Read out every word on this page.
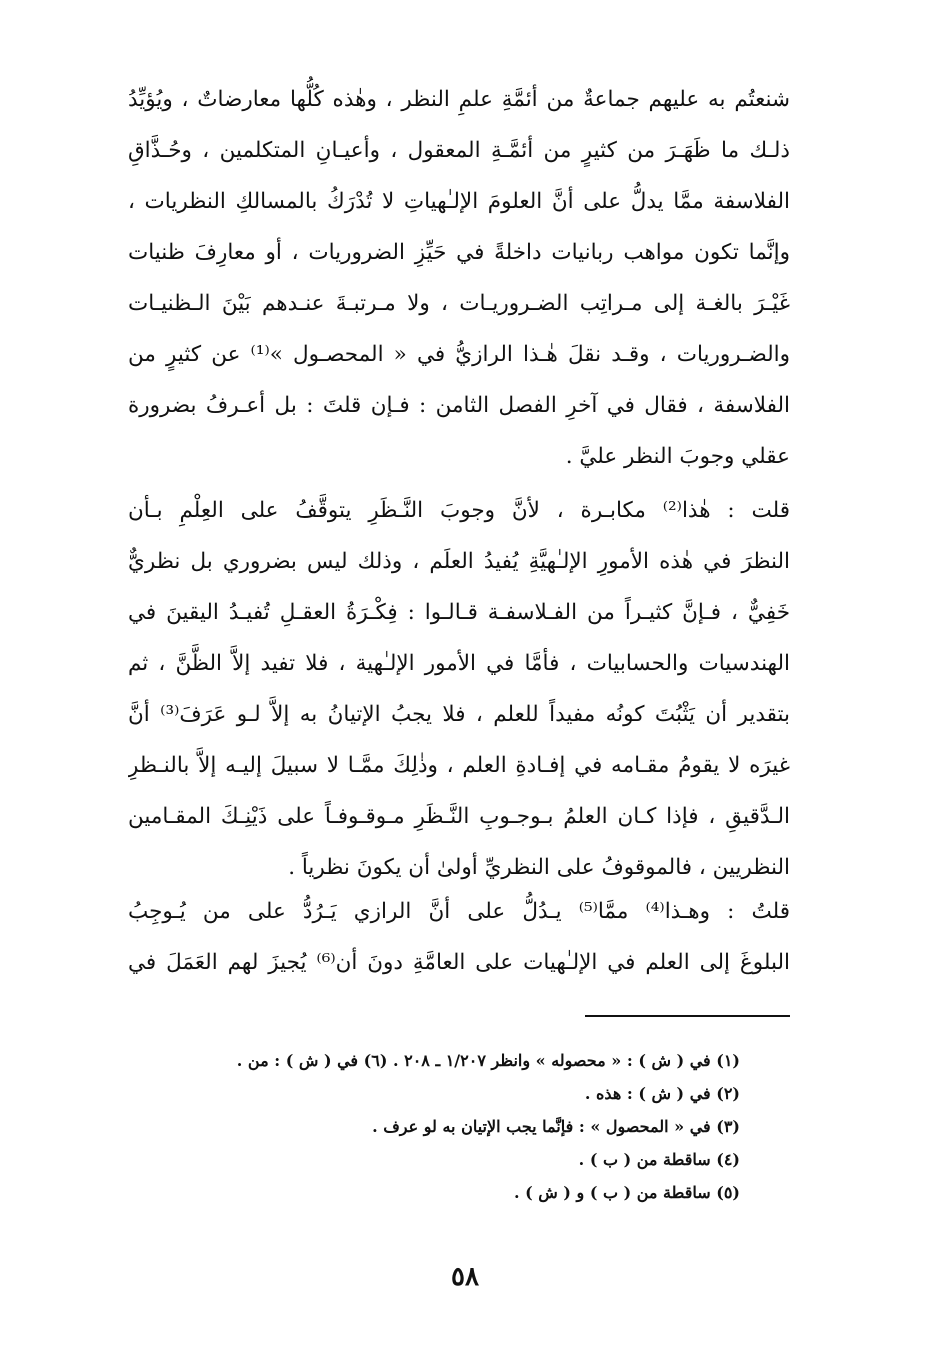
شنعتُم به عليهم جماعةٌ من أئمَّةِ علمِ النظر ، وهٰذه كُلُّها معارضاتٌ ، ويُؤيِّدُ
ذلـك ما ظَهَـرَ من كثيرٍ من أئمَّـةِ المعقول ، وأعيـانِ المتكلمين ، وحُـذَّاقِ
الفلاسفة ممَّا يدلُّ على أنَّ العلومَ الإلـٰهياتِ لا تُدْرَكُ بالمسالكِ النظريات ،
وإنَّما تكون مواهب ربانيات داخلةً في حَيِّزِ الضروريات ، أو معارِفَ ظنيات
غَيْـرَ بالغـة إلى مـراتِب الضـروريـات ، ولا مـرتبـةَ عنـدهم بَيْنَ الـظنيـات
والضـروريات ، وقـد نقلَ هٰـذا الرازيُّ في « المحصـول »⁽¹⁾ عن كثيرٍ من
الفلاسفة ، فقال في آخرِ الفصل الثامن : فـإن قلتَ : بل أعـرفُ بضرورة
عقلي وجوبَ النظر عليَّ .
قلت : هٰذا⁽²⁾ مكابـرة ، لأنَّ وجوبَ النَّـظَرِ يتوقَّفُ على العِلْمِ بـأن
النظرَ في هٰذه الأمورِ الإلـٰهيَّةِ يُفيدُ العلَم ، وذلك ليس بضروري بل نظريٌّ
خَفِيٌّ ، فـإنَّ كثيـراً من الفـلاسفـة قـالـوا : فِكْـرَةُ العقـلِ تُفيـدُ اليقينَ في
الهندسيات والحسابيات ، فأمَّا في الأمور الإلـٰهية ، فلا تفيد إلاَّ الظَّنَّ ، ثم
بتقدير أن يَثْبُتَ كونُه مفيداً للعلم ، فلا يجبُ الإتيانُ به إلاَّ لـو عَرَفَ⁽³⁾ أنَّ
غيرَه لا يقومُ مقـامه في إفـادةِ العلم ، وذٰلِكَ ممَّـا لا سبيلَ إليـه إلاَّ بالنـظرِ
الـدَّقيقِ ، فإذا كـان العلمُ بـوجـوبِ النَّـظَرِ مـوقـوفـاً على ذَيْنِـكَ المقـامين
النظريين ، فالموقوفُ على النظريِّ أولىٰ أن يكونَ نظرياً .
قلتُ : وهـذا⁽⁴⁾ ممَّا⁽⁵⁾ يـدُلُّ على أنَّ الرازي يَـرُدُّ على من يُـوجِبُ
البلوغَ إلى العلم في الإلـٰهيات على العامَّةِ دونَ أن⁽⁶⁾ يُجيزَ لهم العَمَلَ في
(١) في ( ش ) : « محصوله » وانظر ١/٢٠٧ ـ ٢٠٨ . (٦) في ( ش ) : من .
(٢) في ( ش ) : هذه .
(٣) في « المحصول » : فإنَّما يجب الإتيان به لو عرف .
(٤) ساقطة من ( ب ) .
(٥) ساقطة من ( ب ) و ( ش ) .
٥٨
